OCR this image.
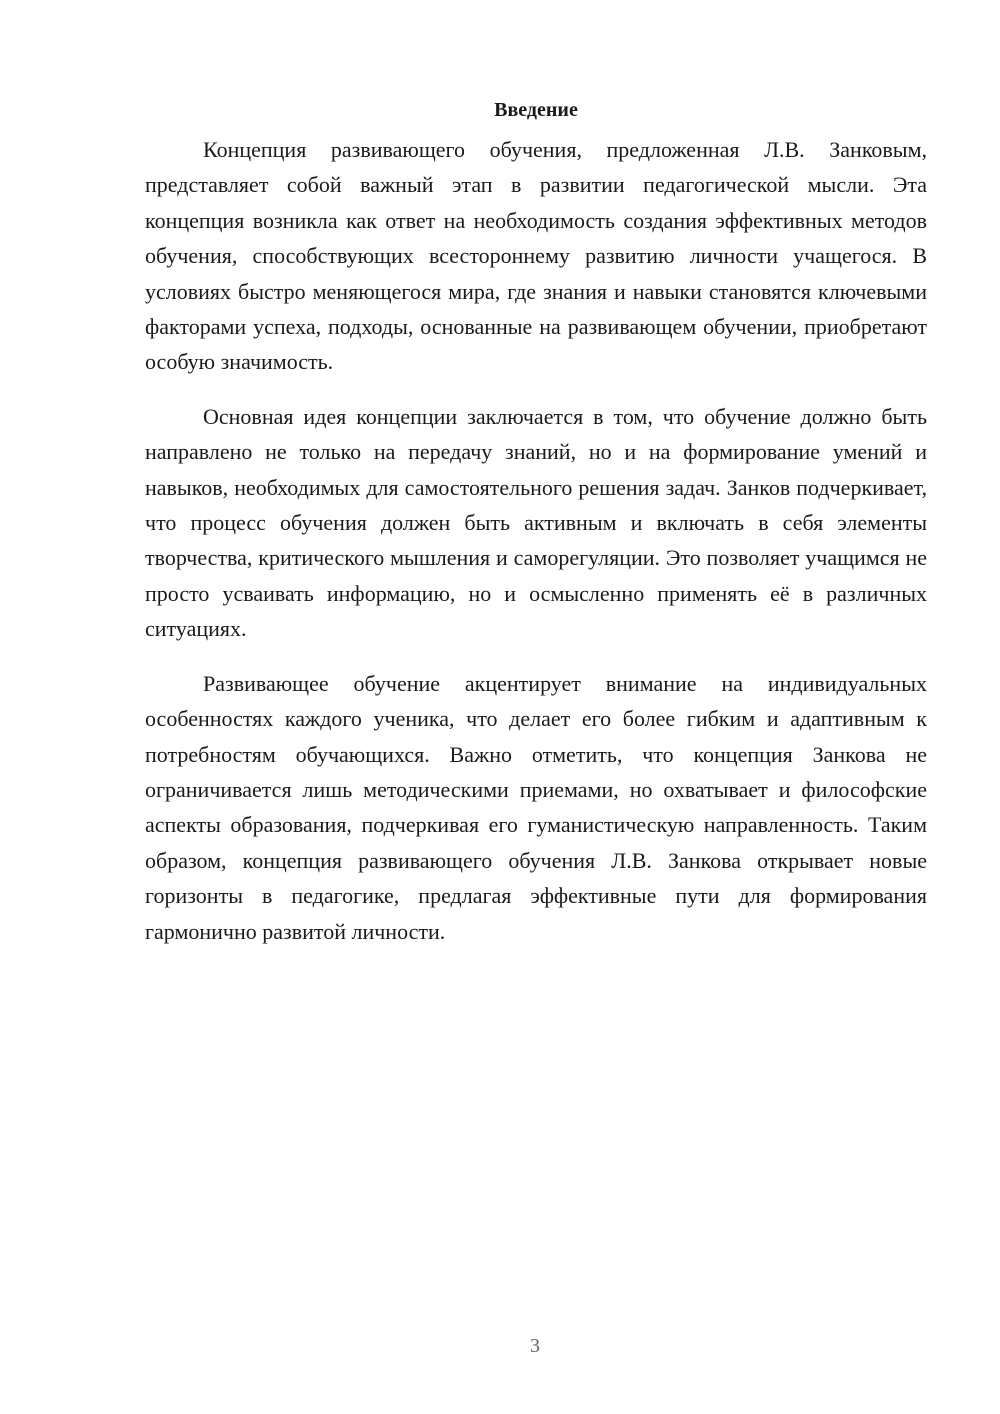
Введение

Концепция развивающего обучения, предложенная Л.В. Занковым, представляет собой важный этап в развитии педагогической мысли. Эта концепция возникла как ответ на необходимость создания эффективных методов обучения, способствующих всестороннему развитию личности учащегося. В условиях быстро меняющегося мира, где знания и навыки становятся ключевыми факторами успеха, подходы, основанные на развивающем обучении, приобретают особую значимость.

Основная идея концепции заключается в том, что обучение должно быть направлено не только на передачу знаний, но и на формирование умений и навыков, необходимых для самостоятельного решения задач. Занков подчеркивает, что процесс обучения должен быть активным и включать в себя элементы творчества, критического мышления и саморегуляции. Это позволяет учащимся не просто усваивать информацию, но и осмысленно применять её в различных ситуациях.

Развивающее обучение акцентирует внимание на индивидуальных особенностях каждого ученика, что делает его более гибким и адаптивным к потребностям обучающихся. Важно отметить, что концепция Занкова не ограничивается лишь методическими приемами, но охватывает и философские аспекты образования, подчеркивая его гуманистическую направленность. Таким образом, концепция развивающего обучения Л.В. Занкова открывает новые горизонты в педагогике, предлагая эффективные пути для формирования гармонично развитой личности.

3
